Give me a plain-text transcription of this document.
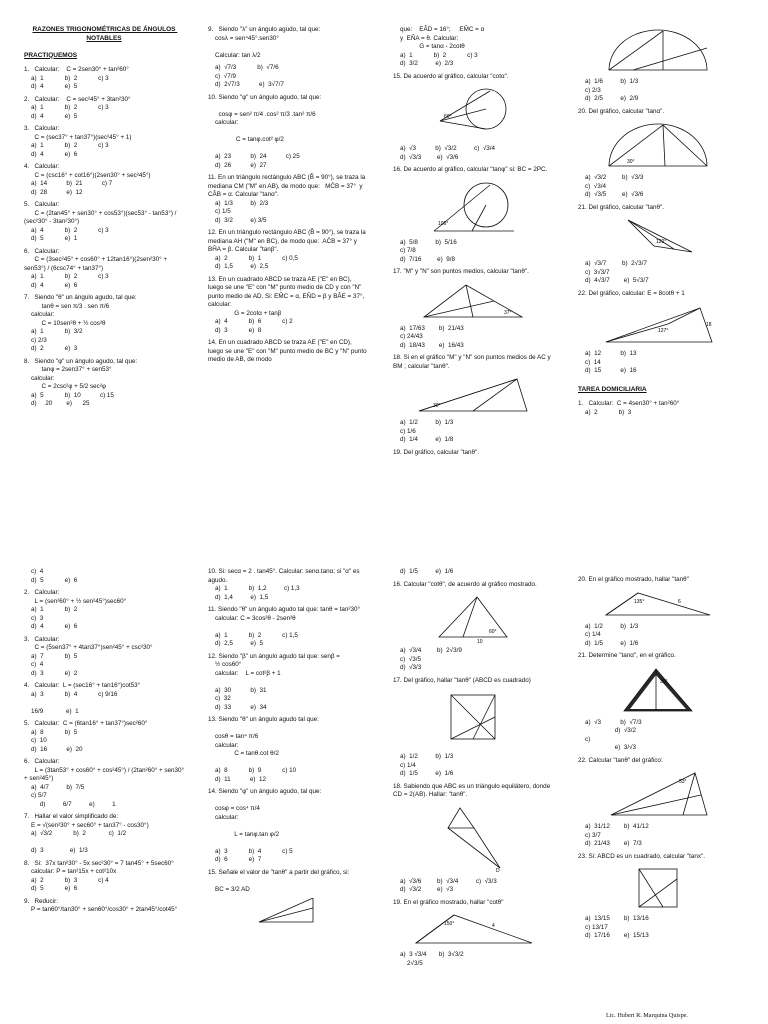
RAZONES TRIGONOMÉTRICAS DE ÁNGULOS NOTABLES

PRACTIQUEMOS

1.   Calcular:    C = 2sen30° + tan²60°
a)  1            b)  2            c) 3
d)  4            e)  5

2.   Calcular:    C = sec²45° + 3tan²30°
a)  1            b)  2            c) 3
d)  4            e)  5

3.   Calcular:
C = (sec37° + tan37°)(sec²45° + 1)
a)  1            b)  2            c) 3
d)  4            e)  6

4.   Calcular:
C = (csc16° + cot16°)(2sen30° + sec²45°)
a)  14           b)  21           c) 7
d)  28           e)  12

5.   Calcular:
C = (2tan45° + sen30° + cos53°)(sec53° - tan53°) / (sec²30° - 3tan²30°)
a)  4            b)  2            c) 3
d)  5            e)  1

6.   Calcular:
C = (3sec²45° + cos60° + 12tan16°)(2sen²30° + sen53°) / (6csc74° + tan37°)
a)  1            b)  2            c) 3
d)  4            e)  6

7.   Siendo "θ" un ángulo agudo, tal que:
tanθ = sen π/3 . sen π/6
calcular:
C = 10sen²θ + ½ cos²θ
a)  1            b)  3/2
c) 2/3
d)  2            e)  3

8.   Siendo "φ" un ángulo agudo, tal que:
tanφ = 2sen37° + sen53°
calcular:
C = 2csc²φ + 5/2 sec²φ
a)  5            b)  10           c) 15
d)     20        e)      25

9.   Siendo "λ" un ángulo agudo, tal que:
cosλ = sen⁴45°.sen30°

Calcular: tan λ/2

a)  √7/3            b)  √7/6
c)  √7/9
d)  2√7/3           e)  3√7/7

10. Siendo "φ" un ángulo agudo, tal que:

cosφ = sen² π/4 .cos² π/3 .tan² π/6
calcular:

C = tanφ.cot² φ/2

a)  23           b)  24           c) 25
d)  26           e)  27

11. En un triángulo rectángulo ABC (B̂ = 90°), se traza la mediana CM ("M" en AB), de modo que:   MĈB = 37°  y   CÂB = α. Calcular "tanα".
a)  1/3          b)  2/3
c) 1/5
d)  3/2          e) 3/5

12. En un triángulo rectángulo ABC (B̂ = 90°), se traza la mediana AH ("M" en BC), de modo que:  AĈB = 37° y  BĤA = β. Calcular "tanβ".
a)  2            b)  1            c) 0,5
d)  1,5          e)  2,5

13. En un cuadrado ABCD se traza AE ("E" en BC), luego se une "E" con "M" punto medio de CD y con "N" punto medio de AD. Si: EM̂C = α, EN̂D = β y BÂE = 37°, calcular:
G = 2cotα + tanβ
a)  4            b)  6            c) 2
d)  3            e)  8

14. En un cuadrado ABCD se traza AE ("E" en CD), luego se une "E" con "M" punto medio de BC y "N" punto medio de AB, de modo

que:    EÂD = 16°;     EM̂C = α
y  EN̂A = θ. Calcular:
G = tanα - 2cotθ
a)  1            b)  2            c) 3
d)  3/2          e)  2/3

15. De acuerdo al gráfico, calcular "cotα".

60°

a)  √3           b)  √3/2          c)  √3/4
d)  √3/3         e)  √3/6

16. De acuerdo al gráfico, calcular "tanφ" si: BC = 2PC.

106°

a)  5/8          b)  5/16
c) 7/8
d)  7/16         e)  9/8

17. "M" y "N" son puntos medios, calcular "tanθ".

37°

a)  17/63        b)  21/43
c) 24/43
d)  18/43        e)  16/43

18. Si en el gráfico "M" y "N" son puntos medios de AC y BM ; calcular "tanθ".

30°

a)  1/2          b)  1/3
c) 1/6
d)  1/4          e)  1/8

19. Del gráfico, calcular "tanθ".

a)  1/6          b)  1/3
c) 2/3
d)  2/5          e)  2/9

20. Del gráfico, calcular "tanα".

30°

a)  √3/2         b)  √3/3
c)  √3/4
d)  √3/5         e)  √3/6

21. Del gráfico, calcular "tanθ".

120°

a)  √3/7         b)  2√3/7
c)  3√3/7
d)  4√3/7        e)  5√3/7

22. Del gráfico, calcular: E = 8cotθ + 1

127°
18

a)  12           b)  13
c)  14
d)  15           e)  16

TAREA DOMICILIARIA

1.   Calcular:  C = 4sen30° + tan²60°
a)  2            b)  3

c)  4
d)  5            e)  6

2.   Calcular:
L = (sen²60° + ½ sen²45°)sec60°
a)  1            b)  2
c)  3
d)  4            e)  6

3.   Calcular:
C = (5sen37° + 4tan37°)sen²45° + csc²30°
a)  7            b)  5
c)  4
d)  3            e)  2

4.   Calcular:  L = (sec16° + tan16°)cot53°
a)  3            b)  4            c) 9/16

16/9             e)  1

5.   Calcular:  C = (6tan16° + tan37°)sec²60°
a)  8            b)  5
c)  10
d)  16           e)  20

6.   Calcular:
L = (3tan53° + cos60° + cos²45°) / (2tan²60° + sen30° + sen²45°)
a)  4/7          b)  7/5
c) 5/7
d)          6/7          e)          1

7.   Hallar el valor simplificado de:
E = √(sen²30° + sec60° + tan37° - cos30°)
a)  √3/2            b)  2             c)  1/2

d)  3               e)  1/3

8.   Si:  37x tan²30° - 5x sec²30° = 7 tan45° + 5sec60°
calcular: P = tan²15x + cot²10x
a)  2            b)  3            c) 4
d)  5            e)  6

9.   Reducir:
P = tan60°/tan30° + sen60°/cos30° + 2tan45°/cot45°

10. Si: secα = 2 . tan45°. Calcular: senα.tanα; si "α" es agudo.
a)  1            b)  1,2          c) 1,3
d)  1,4          e)  1,5

11. Siendo "θ" un ángulo agudo tal que: tanθ = tan²30°
calcular: C = 3cos²θ - 2sen²θ

a)  1            b)  2            c) 1,5
d)  2,5          e)  5

12. Siendo "β" un ángulo agudo tal que: senβ =
½ cos60°
calcular:    L = cot²β + 1

a)  30           b)  31
c)  32
d)  33           e)  34

13. Siendo "θ" un ángulo agudo tal que:

cosθ = tan⁴ π/6
calcular:
C = tanθ.cot θ/2

a)  8            b)  9            c) 10
d)  11           e)  12

14. Siendo "φ" un ángulo agudo, tal que:

cosφ = cos⁴ π/4
calcular:

L = tanφ.tan φ/2

a)  3            b)  4            c) 5
d)  6            e)  7

15. Señale el valor de "tanθ" a partir del gráfico, si:

BC = 3/2 AD

d)  1/5          e)  1/6

16. Calcular "cotθ", de acuerdo al gráfico mostrado.

60°
10

a)  √3/4         b)  2√3/9
c)  √3/5
d)  √3/3

17. Del gráfico, hallar "tanθ" (ABCD es cuadrado)

a)  1/2          b)  1/3
c) 1/4
d)  1/5          e)  1/6

18. Sabiendo que ABC es un triángulo equilátero, donde    CD = 2(AB). Hallar: "tanθ".

D

a)  √3/6         b)  √3/4          c)  √3/3
d)  √3/2         e)  √3

19. En el gráfico mostrado, hallar "cotθ"

150°	4

a)  3 √3/4       b)  3√3/2
2√3/5

20. En el gráfico mostrado, hallar "tanθ"

135°	6

a)  1/2          b)  1/3
c) 1/4
d)  1/5          e)  1/6

21. Determine "tanα", en el gráfico.

30°

a)  √3           b)  √7/3
d)  √3/2
c)
e)  3/√3

22. Calcular "tanθ" del gráfico:

53°

a)  31/12        b)  41/12
c) 3/7
d)  21/43        e)  7/3

23. Si: ABCD es un cuadrado, calcular "tanx".

a)  13/15        b)  13/16
c) 13/17
d)  17/16        e)  15/13

Lic. Hubert R. Marquina Quispe.
